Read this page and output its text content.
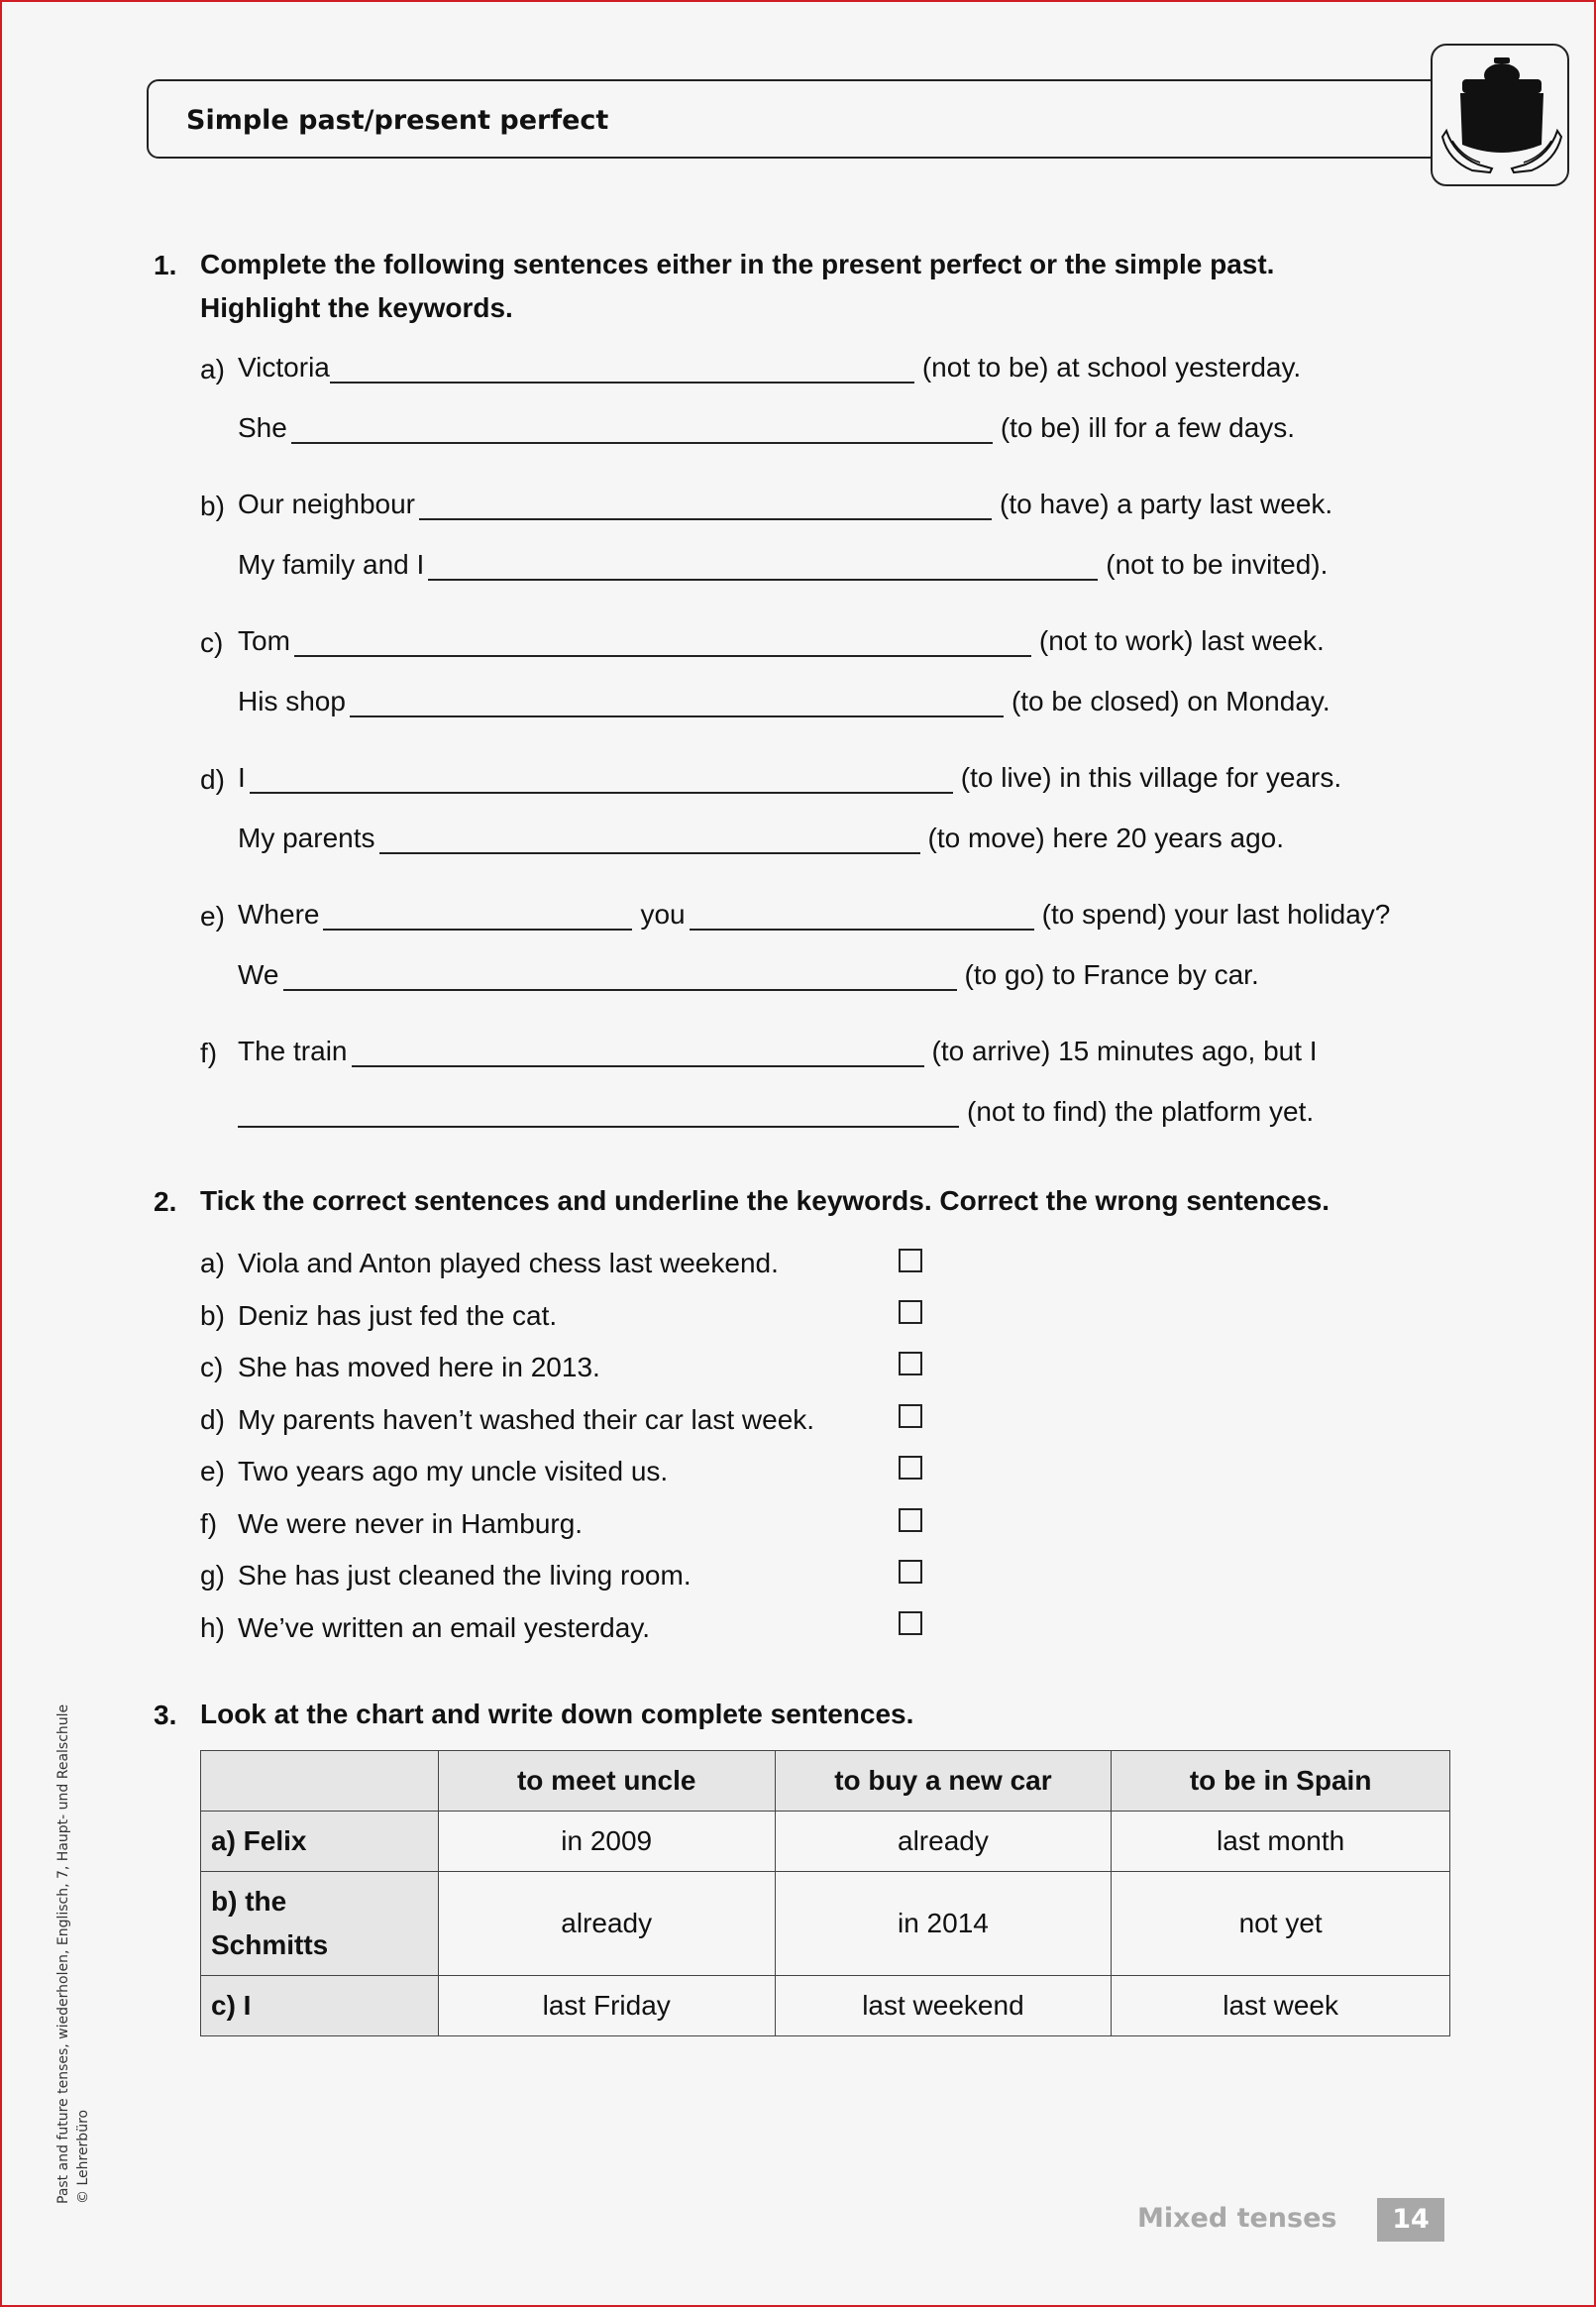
Simple past/present perfect
1. Complete the following sentences either in the present perfect or the simple past.
Highlight the keywords.
a) Victoria	(not to be) at school yesterday.
She	(to be) ill for a few days.
b) Our neighbour	(to have) a party last week.
My family and I	(not to be invited).
c) Tom	(not to work) last week.
His shop	(to be closed) on Monday.
d) I	(to live) in this village for years.
My parents	(to move) here 20 years ago.
e) Where	you	(to spend) your last holiday?
We	(to go) to France by car.
f) The train	(to arrive) 15 minutes ago, but I
(not to find) the platform yet.
2. Tick the correct sentences and underline the keywords. Correct the wrong sentences.
a) Viola and Anton played chess last weekend.
b) Deniz has just fed the cat.
c) She has moved here in 2013.
d) My parents haven’t washed their car last week.
e) Two years ago my uncle visited us.
f) We were never in Hamburg.
g) She has just cleaned the living room.
h) We’ve written an email yesterday.
3. Look at the chart and write down complete sentences.
	to meet uncle	to buy a new car	to be in Spain
a) Felix	in 2009	already	last month

b) the
Schmitts	already	in 2014	not yet
c) I	last Friday	last weekend	last week
Past and future tenses, wiederholen, Englisch, 7, Haupt- und Realschule © Lehrerbüro
Mixed tenses	14
